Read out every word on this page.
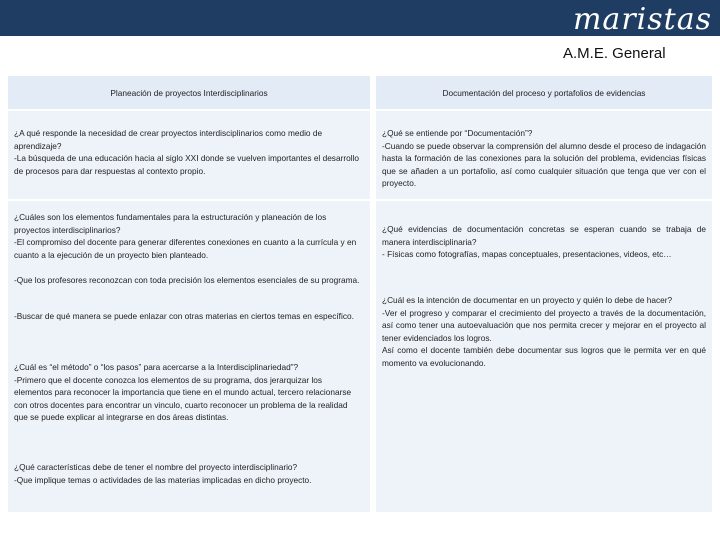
maristas
A.M.E. General
Planeación de proyectos Interdisciplinarios

¿A qué responde la necesidad de crear proyectos interdisciplinarios como medio de aprendizaje?

-La búsqueda de una educación hacia al siglo XXI donde se vuelven importantes el desarrollo de procesos para dar respuestas al contexto propio.

¿Cuáles son los elementos fundamentales para la estructuración y planeación de los proyectos interdisciplinarios?

-El compromiso del docente para generar diferentes conexiones en cuanto a la currícula y en cuanto a la ejecución de un proyecto bien planteado.

-Que los profesores reconozcan con toda precisión los elementos esenciales de su programa.

-Buscar de qué manera se puede enlazar con otras materias en ciertos temas en específico.

¿Cuál es “el método” o “los pasos” para acercarse a la Interdisciplinariedad”?

-Primero que el docente conozca los elementos de su programa, dos jerarquizar los elementos para reconocer la importancia que tiene en el mundo actual, tercero relacionarse con otros docentes para encontrar un vinculo, cuarto reconocer un problema de la realidad que se puede explicar al integrarse en dos áreas distintas.

¿Qué características debe de tener el nombre del proyecto interdisciplinario?

-Que implique temas o actividades de las materias implicadas en dicho proyecto.

Documentación del proceso y portafolios de evidencias

¿Qué se entiende por “Documentación”?

-Cuando se puede observar la comprensión del alumno desde el proceso de indagación hasta la formación de las conexiones para la solución del problema, evidencias físicas que se añaden a un portafolio, así como cualquier situación que tenga que ver con el proyecto.

¿Qué evidencias de documentación concretas se esperan cuando se trabaja de manera interdisciplinaria?

- Físicas como fotografías, mapas conceptuales, presentaciones, videos, etc…

¿Cuál es la intención de documentar en un proyecto y quién lo debe de hacer?

-Ver el progreso y comparar el crecimiento del proyecto a través de la documentación, así como tener una autoevaluación que nos permita crecer y mejorar en el proyecto al tener evidenciados los logros.

Así como el docente también debe documentar sus logros que le permita ver en qué momento va evolucionando.
